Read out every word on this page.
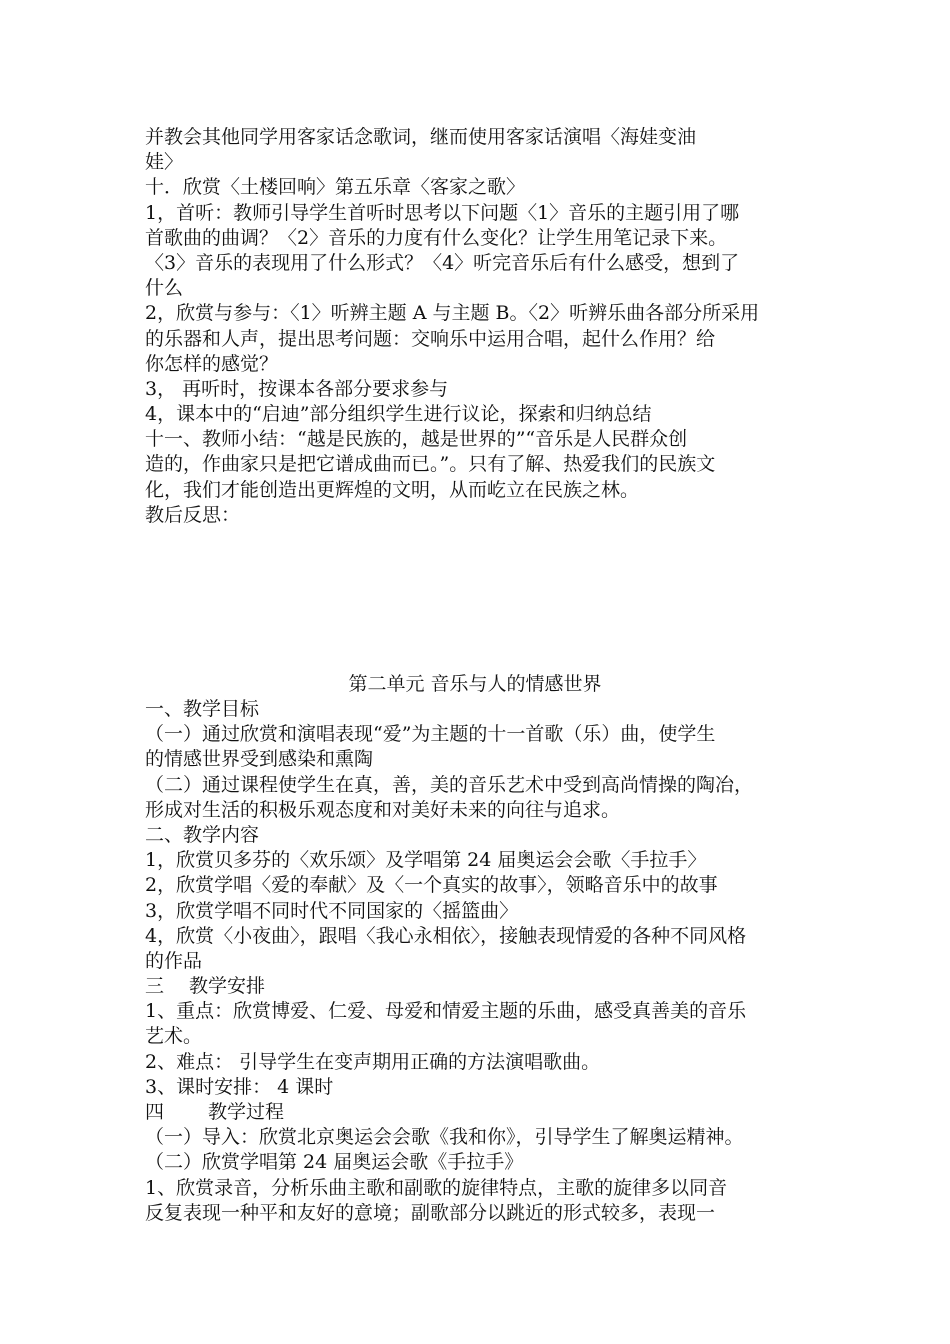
并教会其他同学用客家话念歌词，继而使用客家话演唱〈海娃变油
娃〉
十．欣赏〈土楼回响〉第五乐章〈客家之歌〉
1，首听：教师引导学生首听时思考以下问题〈1〉音乐的主题引用了哪
首歌曲的曲调？〈2〉音乐的力度有什么变化？让学生用笔记录下来。
〈3〉音乐的表现用了什么形式？〈4〉听完音乐后有什么感受，想到了
什么
2，欣赏与参与：〈1〉听辨主题 A 与主题 B。〈2〉听辨乐曲各部分所采用
的乐器和人声，提出思考问题：交响乐中运用合唱，起什么作用？给
你怎样的感觉？
3， 再听时，按课本各部分要求参与
4，课本中的“启迪”部分组织学生进行议论，探索和归纳总结
十一、教师小结：“越是民族的，越是世界的”“音乐是人民群众创
造的，作曲家只是把它谱成曲而已。”。只有了解、热爱我们的民族文
化，我们才能创造出更辉煌的文明，从而屹立在民族之林。
教后反思：
第二单元 音乐与人的情感世界
一、教学目标
（一）通过欣赏和演唱表现“爱”为主题的十一首歌（乐）曲，使学生
的情感世界受到感染和熏陶
（二）通过课程使学生在真，善，美的音乐艺术中受到高尚情操的陶冶，
形成对生活的积极乐观态度和对美好未来的向往与追求。
二、教学内容
1，欣赏贝多芬的〈欢乐颂〉及学唱第 24 届奥运会会歌〈手拉手〉
2，欣赏学唱〈爱的奉献〉及〈一个真实的故事〉，领略音乐中的故事
3，欣赏学唱不同时代不同国家的〈摇篮曲〉
4，欣赏〈小夜曲〉，跟唱〈我心永相依〉，接触表现情爱的各种不同风格
的作品
三　 教学安排
1、重点：欣赏博爱、仁爱、母爱和情爱主题的乐曲，感受真善美的音乐
艺术。
2、难点： 引导学生在变声期用正确的方法演唱歌曲。
3、课时安排： 4 课时
四　　 教学过程
（一）导入：欣赏北京奥运会会歌《我和你》，引导学生了解奥运精神。
（二）欣赏学唱第 24 届奥运会歌《手拉手》
1、欣赏录音，分析乐曲主歌和副歌的旋律特点，主歌的旋律多以同音
反复表现一种平和友好的意境；副歌部分以跳近的形式较多，表现一
